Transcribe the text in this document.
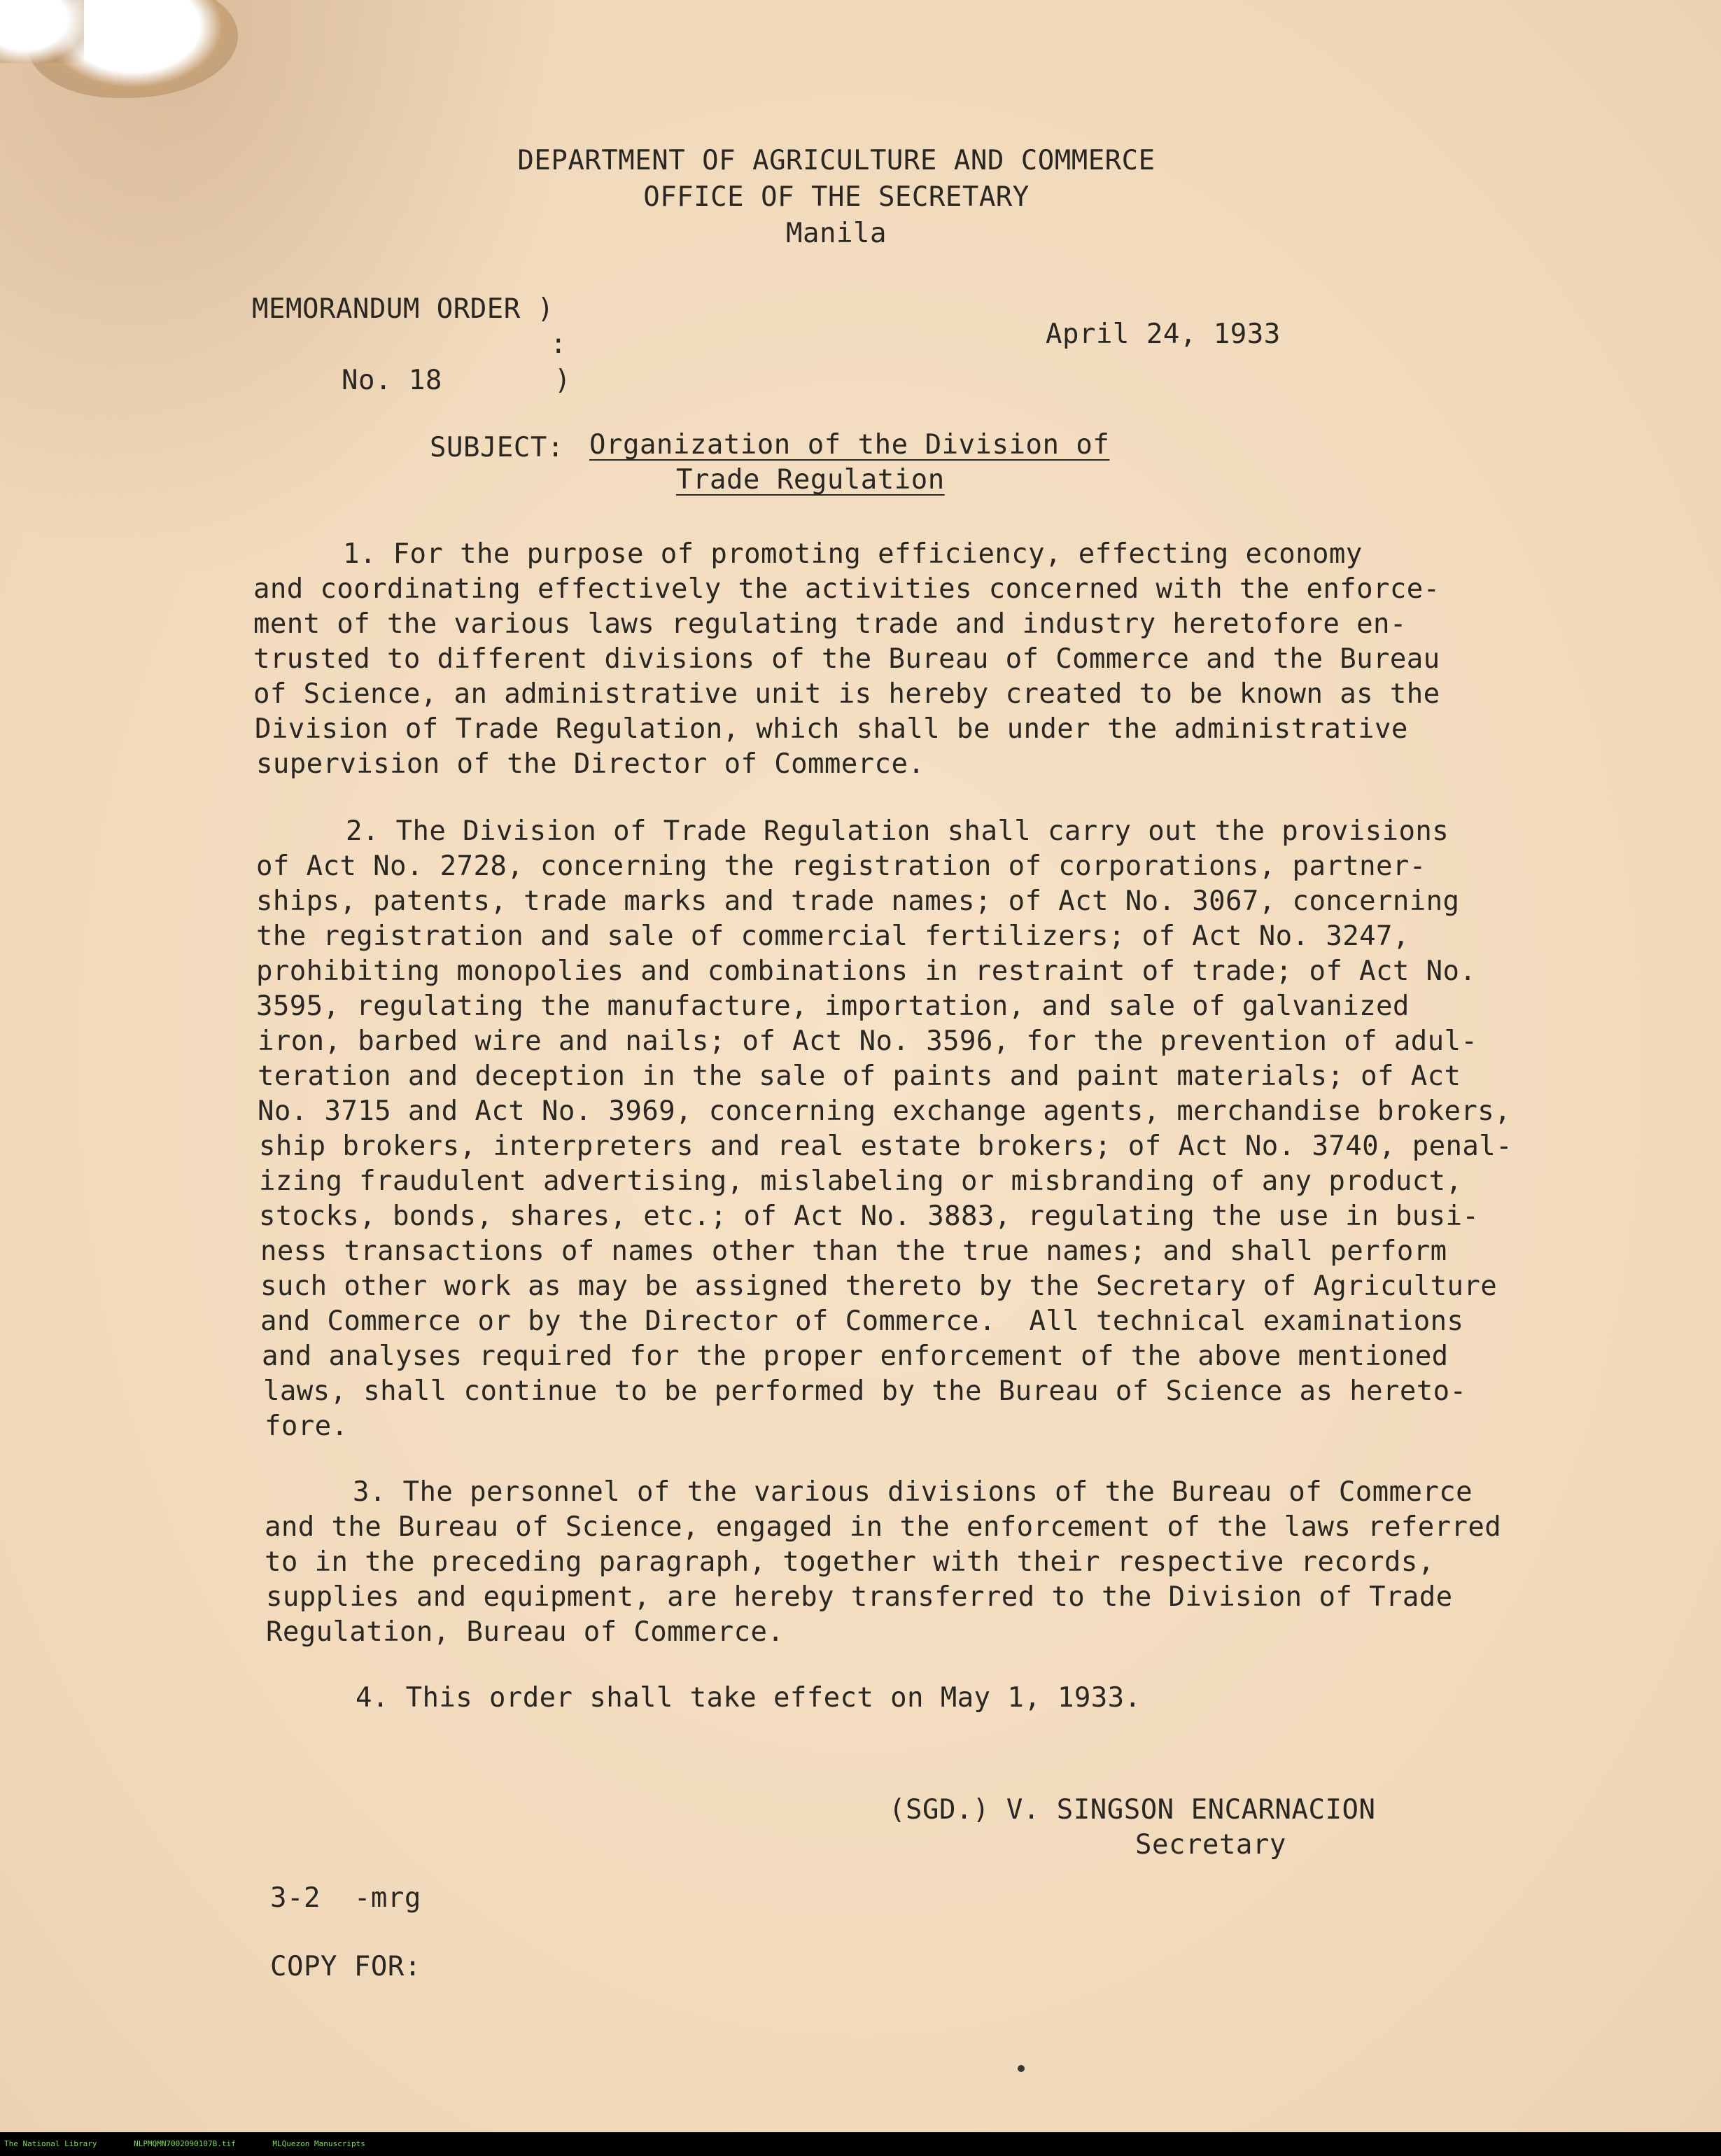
DEPARTMENT OF AGRICULTURE AND COMMERCE
OFFICE OF THE SECRETARY
Manila
MEMORANDUM ORDER )
:
No. 18	)
April 24, 1933
SUBJECT: Organization of the Division of
Trade Regulation
1. For the purpose of promoting efficiency, effecting economy
and coordinating effectively the activities concerned with the enforce-
ment of the various laws regulating trade and industry heretofore en-
trusted to different divisions of the Bureau of Commerce and the Bureau
of Science, an administrative unit is hereby created to be known as the
Division of Trade Regulation, which shall be under the administrative
supervision of the Director of Commerce.
2. The Division of Trade Regulation shall carry out the provisions
of Act No. 2728, concerning the registration of corporations, partner-
ships, patents, trade marks and trade names; of Act No. 3067, concerning
the registration and sale of commercial fertilizers; of Act No. 3247,
prohibiting monopolies and combinations in restraint of trade; of Act No.
3595, regulating the manufacture, importation, and sale of galvanized
iron, barbed wire and nails; of Act No. 3596, for the prevention of adul-
teration and deception in the sale of paints and paint materials; of Act
No. 3715 and Act No. 3969, concerning exchange agents, merchandise brokers,
ship brokers, interpreters and real estate brokers; of Act No. 3740, penal-
izing fraudulent advertising, mislabeling or misbranding of any product,
stocks, bonds, shares, etc.; of Act No. 3883, regulating the use in busi-
ness transactions of names other than the true names; and shall perform
such other work as may be assigned thereto by the Secretary of Agriculture
and Commerce or by the Director of Commerce.  All technical examinations
and analyses required for the proper enforcement of the above mentioned
laws, shall continue to be performed by the Bureau of Science as hereto-
fore.
3. The personnel of the various divisions of the Bureau of Commerce
and the Bureau of Science, engaged in the enforcement of the laws referred
to in the preceding paragraph, together with their respective records,
supplies and equipment, are hereby transferred to the Division of Trade
Regulation, Bureau of Commerce.
4. This order shall take effect on May 1, 1933.
(SGD.) V. SINGSON ENCARNACION
Secretary
3-2  -mrg
COPY FOR:
The National Library	NLPMQMN7002090107B.tif	MLQuezon Manuscripts
